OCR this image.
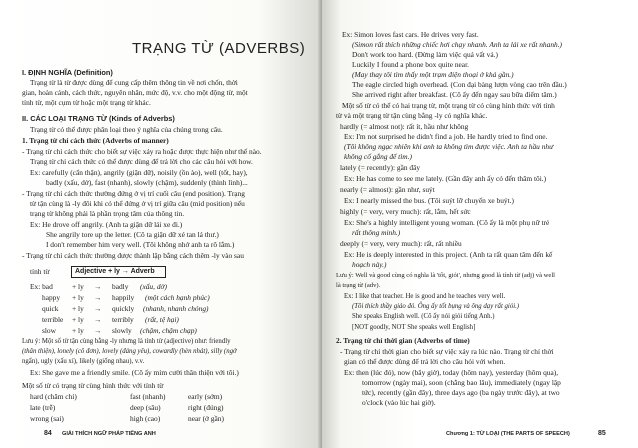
TRẠNG TỪ (ADVERBS)
I. ĐỊNH NGHĨA (Definition)
Trạng từ là từ được dùng để cung cấp thêm thông tin về nơi chốn, thời
gian, hoàn cảnh, cách thức, nguyên nhân, mức độ, v.v. cho một động từ, một
tính từ, một cụm từ hoặc một trạng từ khác.
II. CÁC LOẠI TRẠNG TỪ (Kinds of Adverbs)
Trạng từ có thể được phân loại theo ý nghĩa của chúng trong câu.
1. Trạng từ chỉ cách thức (Adverbs of manner)
- Trạng từ chỉ cách thức cho biết sự việc xảy ra hoặc được thực hiện như thế nào.
Trạng từ chỉ cách thức có thể được dùng để trả lời cho các câu hỏi với how.
Ex: carefully (cẩn thận), angrily (giận dữ), noisily (ồn ào), well (tốt, hay),
badly (xấu, dở), fast (nhanh), slowly (chậm), suddenly (thình lình)...
- Trạng từ chỉ cách thức thường đứng ở vị trí cuối câu (end position). Trạng
từ tận cùng là -ly đôi khi có thể đứng ở vị trí giữa câu (mid position) nếu
trạng từ không phải là phần trọng tâm của thông tin.
Ex: He drove off angrily. (Anh ta giận dữ lái xe đi.)
She angrily tore up the letter. (Cô ta giận dữ xé tan lá thư.)
I don't remember him very well. (Tôi không nhớ anh ta rõ lắm.)
- Trạng từ chỉ cách thức thường được thành lập bằng cách thêm -ly vào sau
tính từ	Adjective + ly → Adverb
Ex: bad	+ ly → badly (xấu, dở)
happy + ly → happily (một cách hạnh phúc)
quick + ly → quickly (nhanh, nhanh chóng)
terrible + ly → terribly (rất, tệ hại)
slow + ly → slowly (chậm, chậm chạp)
Lưu ý: Một số từ tận cùng bằng -ly nhưng là tính từ (adjective) như: friendly
(thân thiện), lonely (cô đơn), lovely (đáng yêu), cowardly (hèn nhát), silly (ngớ
ngẩn), ugly (xấu xí), likely (giống nhau), v.v.
Ex: She gave me a friendly smile. (Cô ấy mỉm cười thân thiện với tôi.)
Một số từ có trạng từ cùng hình thức với tính từ
hard (chăm chỉ)	fast (nhanh)	early (sớm)
late (trễ)	deep (sâu)	right (đúng)
wrong (sai)	high (cao)	near (ở gần)
84 GIẢI THÍCH NGỮ PHÁP TIẾNG ANH
Ex: Simon loves fast cars. He drives very fast.
(Simon rất thích những chiếc hơi chạy nhanh. Anh ta lái xe rất nhanh.)
Don't work too hard. (Đừng làm việc quá vất vả.)
Luckily I found a phone box quite near.
(May thay tôi tìm thấy một trạm điện thoại ở khá gần.)
The eagle circled high overhead. (Con đại bàng lượn vòng cao trên đầu.)
She arrived right after breakfast. (Cô ấy đến ngay sau bữa điểm tâm.)
Một số từ có thể có hai trạng từ, một trạng từ có cùng hình thức với tính
từ và một trạng từ tận cùng bằng -ly có nghĩa khác.
hardly (= almost not): rất ít, hầu như không
Ex: I'm not surprised he didn't find a job. He hardly tried to find one.
(Tôi không ngạc nhiên khi anh ta không tìm được việc. Anh ta hầu như
không cố gắng để tìm.)
lately (= recently): gần đây
Ex: He has come to see me lately. (Gần đây anh ấy có đến thăm tôi.)
nearly (= almost): gần như, suýt
Ex: I nearly missed the bus. (Tôi suýt lỡ chuyến xe buýt.)
highly (= very, very much): rất, lắm, hết sức
Ex: She's a highly intelligent young woman. (Cô ấy là một phụ nữ trẻ
rất thông minh.)
deeply (= very, very much): rất, rất nhiều
Ex: He is deeply interested in this project. (Anh ta rất quan tâm đến kế
hoạch này.)
Lưu ý: Well và good cùng có nghĩa là 'tốt, giỏi', nhưng good là tính từ (adj) và well
là trạng từ (adv).
Ex: I like that teacher. He is good and he teaches very well.
(Tôi thích thầy giáo đó. Ông ấy tốt bụng và ông dạy rất giỏi.)
She speaks English well. (Cô ấy nói giỏi tiếng Anh.)
[NOT goodly, NOT She speaks well English]
2. Trạng từ chỉ thời gian (Adverbs of time)
- Trạng từ chỉ thời gian cho biết sự việc xảy ra lúc nào. Trạng từ chỉ thời
gian có thể được dùng để trả lời cho câu hỏi với when.
Ex: then (lúc đó), now (bây giờ), today (hôm nay), yesterday (hôm qua),
tomorrow (ngày mai), soon (chẳng bao lâu), immediately (ngay lập
tức), recently (gần đây), three days ago (ba ngày trước đây), at two
o'clock (vào lúc hai giờ).
Chương 1: TỪ LOẠI (THE PARTS OF SPEECH)	85
